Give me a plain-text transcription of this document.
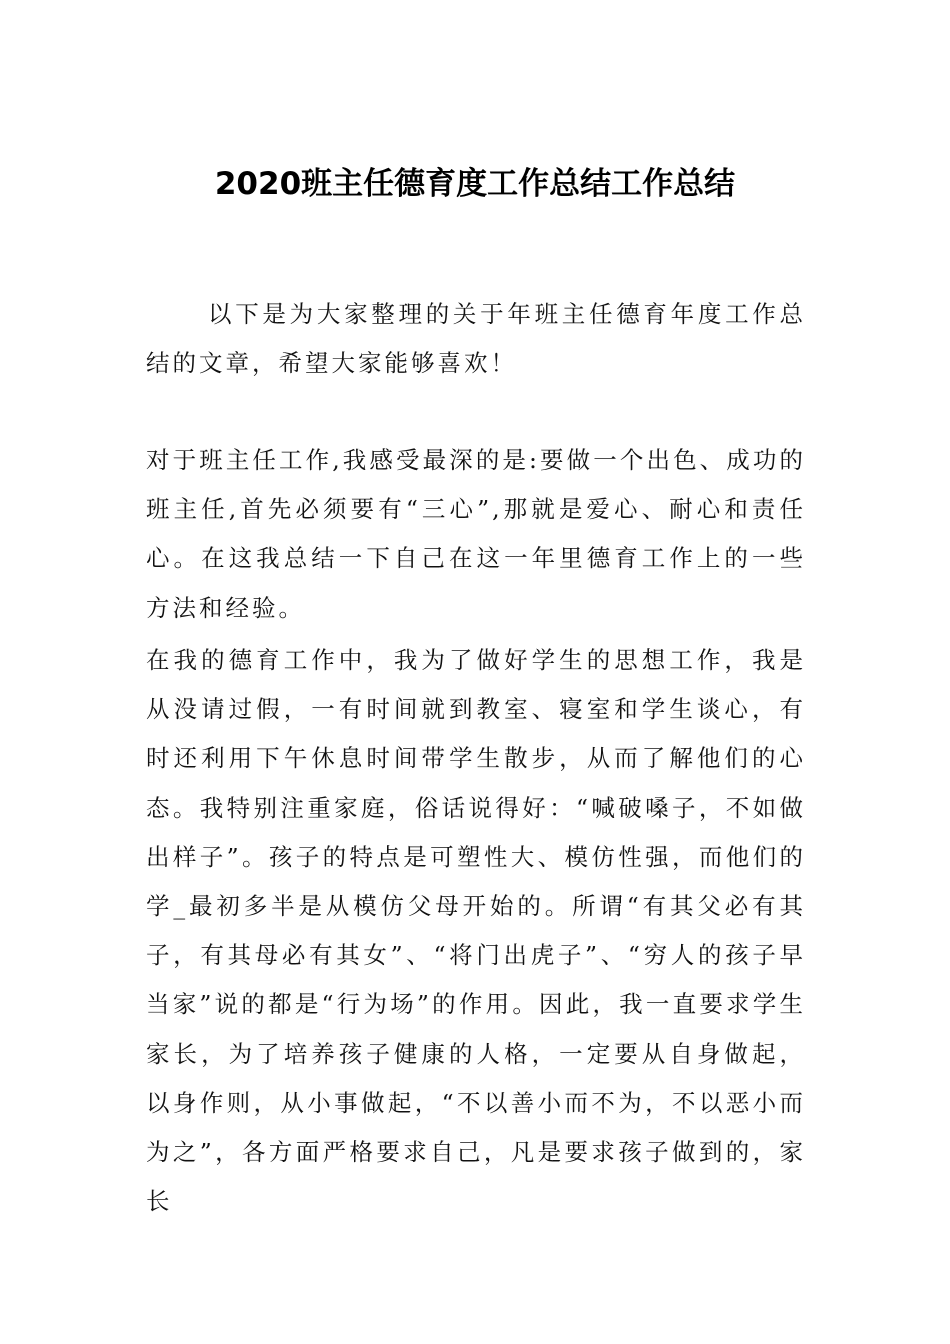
2020班主任德育度工作总结工作总结

以下是为大家整理的关于年班主任德育年度工作总结的文章，希望大家能够喜欢！

对于班主任工作,我感受最深的是:要做一个出色、成功的班主任,首先必须要有“三心”,那就是爱心、耐心和责任心。在这我总结一下自己在这一年里德育工作上的一些方法和经验。

在我的德育工作中，我为了做好学生的思想工作，我是从没请过假，一有时间就到教室、寝室和学生谈心，有时还利用下午休息时间带学生散步，从而了解他们的心态。我特别注重家庭，俗话说得好：“喊破嗓子，不如做出样子”。孩子的特点是可塑性大、模仿性强，而他们的学_最初多半是从模仿父母开始的。所谓“有其父必有其子，有其母必有其女”、“将门出虎子”、“穷人的孩子早当家”说的都是“行为场”的作用。因此，我一直要求学生家长，为了培养孩子健康的人格，一定要从自身做起，以身作则，从小事做起，“不以善小而不为，不以恶小而为之”，各方面严格要求自己，凡是要求孩子做到的，家长
